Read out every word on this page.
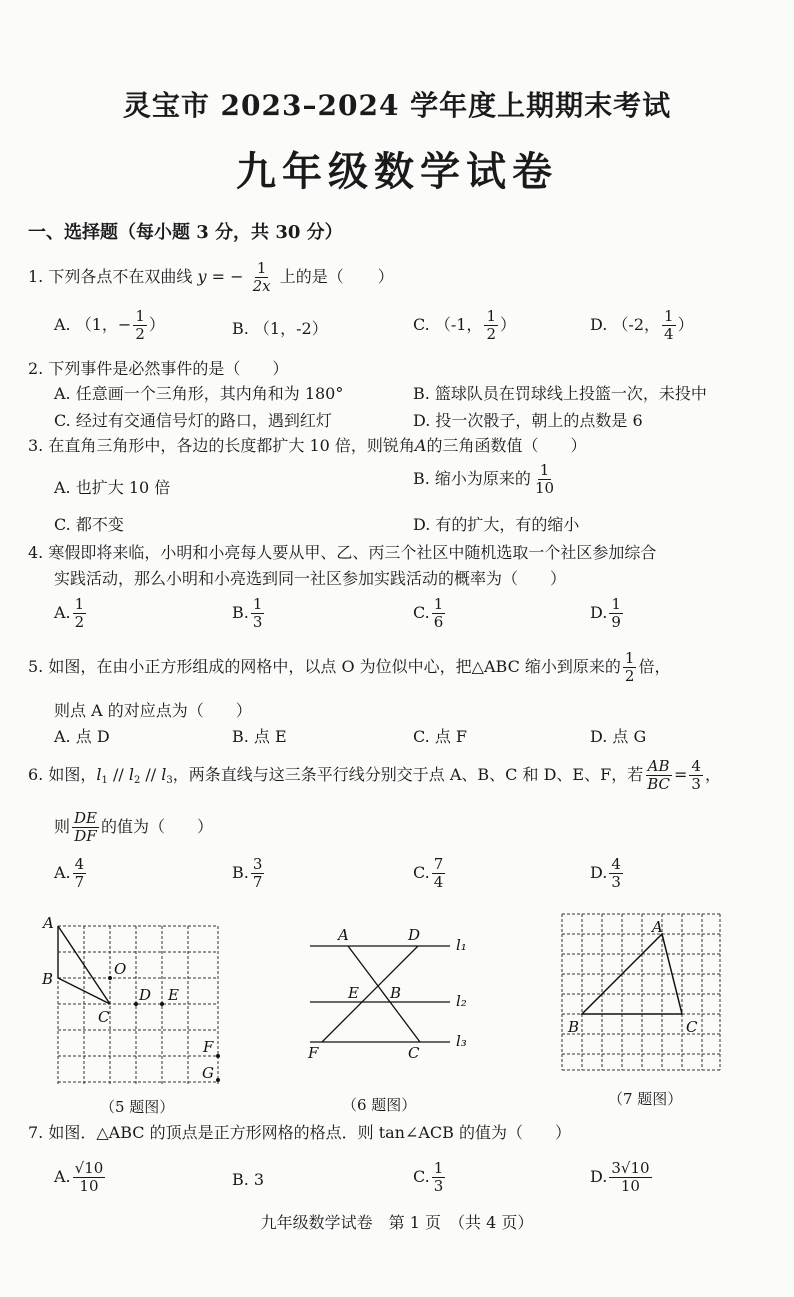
灵宝市 2023–2024 学年度上期期末考试
九年级数学试卷
一、选择题（每小题 3 分，共 30 分）
1. 下列各点不在双曲线 y = − $\frac{1}{2x}$ 上的是（ ）
A. （1，− $\frac{1}{2}$ ）	B. （1，-2）	C. （-1， $\frac{1}{2}$ ）	D. （-2， $\frac{1}{4}$ ）
2. 下列事件是必然事件的是（　　）
A. 任意画一个三角形，其内角和为 180°	B. 篮球队员在罚球线上投篮一次，未投中
C. 经过有交通信号灯的路口，遇到红灯	D. 投一次骰子，朝上的点数是 6
3. 在直角三角形中，各边的长度都扩大 10 倍，则锐角A的三角函数值（　　）
A. 也扩大 10 倍	B. 缩小为原来的 $\frac{1}{10}$
C. 都不变	D. 有的扩大，有的缩小
4. 寒假即将来临，小明和小亮每人要从甲、乙、丙三个社区中随机选取一个社区参加综合
实践活动，那么小明和小亮选到同一社区参加实践活动的概率为（　　）
A. $\frac{1}{2}$	B. $\frac{1}{3}$	C. $\frac{1}{6}$	D. $\frac{1}{9}$
5. 如图，在由小正方形组成的网格中，以点 O 为位似中心，把△ABC 缩小到原来的 $\frac{1}{2}$ 倍，
则点 A 的对应点为（　　）
A. 点 D	B. 点 E	C. 点 F	D. 点 G
6. 如图，$l_1 // l_2 // l_3$，两条直线与这三条平行线分别交于点 A、B、C 和 D、E、F，若 $\frac{AB}{BC} = \frac{4}{3}$ ，
则 $\frac{DE}{DF}$ 的值为（　　）
A. $\frac{4}{7}$	B. $\frac{3}{7}$	C. $\frac{7}{4}$	D. $\frac{4}{3}$
A
B
C
O
D E
F
G
（5 题图）
A	D
E B
F	C
l₁
l₂
l₃
（6 题图）
A
B	C
（7 题图）
7. 如图．△ABC 的顶点是正方形网格的格点．则 tan∠ACB 的值为（　　）
A. $\frac{√10}{10}$	B. 3	C. $\frac{1}{3}$	D. $\frac{3√10}{10}$
九年级数学试卷　第 1 页　（共 4 页）
